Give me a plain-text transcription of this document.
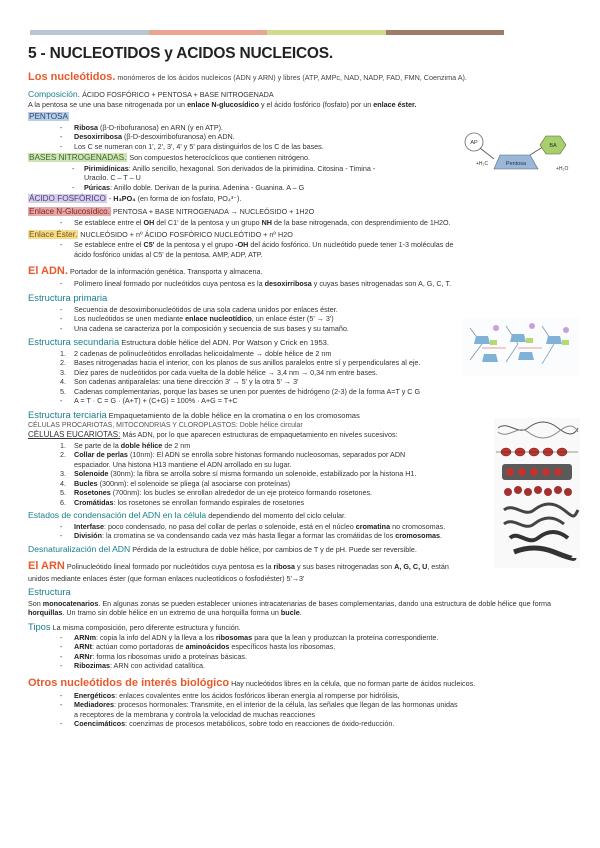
AP
Pentosa
BA
+H₂C
+H₂O
5 - NUCLEOTIDOS y ACIDOS NUCLEICOS.
Los nucleótidos. monómeros de los ácidos nucleicos (ADN y ARN) y libres (ATP, AMPc, NAD, NADP, FAD, FMN, Coenzima A).
Composición. ÁCIDO FOSFÓRICO + PENTOSA + BASE NITROGENADA
A la pentosa se une una base nitrogenada por un enlace N-glucosídico y el ácido fosfórico (fosfato) por un enlace éster.
PENTOSA
- Ribosa (β-D-ribofuranosa) en ARN (y en ATP).
- Desoxirribosa (β-D-desoxirribofuranosa) en ADN.
- Los C se numeran con 1', 2', 3', 4' y 5' para distinguirlos de los C de las bases.
BASES NITROGENADAS. Son compuestos heterocíclicos que contienen nitrógeno.
- Pirimidínicas: Anillo sencillo, hexagonal. Son derivados de la pirimidina. Citosina - Timina -
Uracilo. C – T – U
- Púricas: Anillo doble. Derivan de la purina. Adenina - Guanina. A – G
ÁCIDO FOSFÓRICO - H₃PO₄ (en forma de ion fosfato, PO₄³⁻).
Enlace N-Glucosídico. PENTOSA + BASE NITROGENADA → NUCLEÓSIDO + 1H2O
- Se establece entre el OH del C1' de la pentosa y un grupo NH de la base nitrogenada, con desprendimiento de 1H2O.
Enlace Éster. NUCLEÓSIDO + nº ÁCIDO FOSFÓRICO NUCLEÓTIDO + nº H2O
- Se establece entre el C5' de la pentosa y el grupo -OH del ácido fosfórico. Un nucleótido puede tener 1-3 moléculas de
ácido fosfórico unidas al C5' de la pentosa. AMP, ADP, ATP.
El ADN. Portador de la información genética. Transporta y almacena.
- Polímero lineal formado por nucleótidos cuya pentosa es la desoxirribosa y cuyas bases nitrogenadas son A, G, C, T.
Estructura primaria
- Secuencia de desoxirribonucleótidos de una sola cadena unidos por enlaces éster.
- Los nucleótidos se unen mediante enlace nucleotídico, un enlace éster (5' → 3')
- Una cadena se caracteriza por la composición y secuencia de sus bases y su tamaño.
Estructura secundaria Estructura doble hélice del ADN. Por Watson y Crick en 1953.
1. 2 cadenas de polinucleótidos enrolladas helicoidalmente → doble hélice de 2 nm
2. Bases nitrogenadas hacia el interior, con los planos de sus anillos paralelos entre sí y perpendiculares al eje.
3. Diez pares de nucleótidos por cada vuelta de la doble hélice → 3,4 nm → 0,34 nm entre bases.
4. Son cadenas antiparalelas: una tiene dirección 3' → 5' y la otra 5' → 3'
5. Cadenas complementarias, porque las bases se unen por puentes de hidrógeno (2-3) de la forma A=T y C G
- A = T · C = G · (A+T) + (C+G) = 100% · A+G = T+C
Estructura terciaria Empaquetamiento de la doble hélice en la cromatina o en los cromosomas
CÉLULAS PROCARIOTAS, MITOCONDRIAS Y CLOROPLASTOS: Doble hélice circular
CÉLULAS EUCARIOTAS: Más ADN, por lo que aparecen estructuras de empaquetamiento en niveles sucesivos:
1. Se parte de la doble hélice de 2 nm
2. Collar de perlas (10nm): El ADN se enrolla sobre histonas formando nucleosomas, separados por ADN
espaciador. Una histona H13 mantiene el ADN arrollado en su lugar.
3. Solenoide (30nm): la fibra se arrolla sobre sí misma formando un solenoide, estabilizado por la histona H1.
4. Bucles (300nm): el solenoide se pliega (al asociarse con proteínas)
5. Rosetones (700nm): los bucles se enrollan alrededor de un eje proteico formando rosetones.
6. Cromátidas: los rosetones se enrollan formando espirales de rosetones
Estados de condensación del ADN en la célula dependiendo del momento del ciclo celular.
- Interfase: poco condensado, no pasa del collar de perlas o solenoide, está en el núcleo cromatina no cromosomas.
- División: la cromatina se va condensando cada vez más hasta llegar a formar las cromátidas de los cromosomas.
Desnaturalización del ADN Pérdida de la estructura de doble hélice, por cambios de T y de pH. Puede ser reversible.
El ARN Polinucleótido lineal formado por nucleótidos cuya pentosa es la ribosa y sus bases nitrogenadas son A, G, C, U, están
unidos mediante enlaces éster (que forman enlaces nucleotídicos o fosfodiéster) 5'→3'
Estructura
Son monocatenarios. En algunas zonas se pueden establecer uniones intracatenarias de bases complementarias, dando una estructura de doble hélice que forma horquillas. Un tramo sin doble hélice en un extremo de una horquilla forma un bucle.
Tipos La misma composición, pero diferente estructura y función.
- ARNm: copia la info del ADN y la lleva a los ribosomas para que la lean y produzcan la proteína correspondiente.
- ARNt: actúan como portadoras de aminoácidos específicos hasta los ribosomas.
- ARNr: forma los ribosomas unido a proteínas básicas.
- Ribozimas: ARN con actividad catalítica.
Otros nucleótidos de interés biológico Hay nucleótidos libres en la célula, que no forman parte de ácidos nucleicos.
- Energéticos: enlaces covalentes entre los ácidos fosfóricos liberan energía al romperse por hidrólisis,
- Mediadores: procesos hormonales: Transmite, en el interior de la célula, las señales que llegan de las hormonas unidas
a receptores de la membrana y controla la velocidad de muchas reacciones
- Coencimáticos: coenzimas de procesos metabólicos, sobre todo en reacciones de óxido-reducción.
